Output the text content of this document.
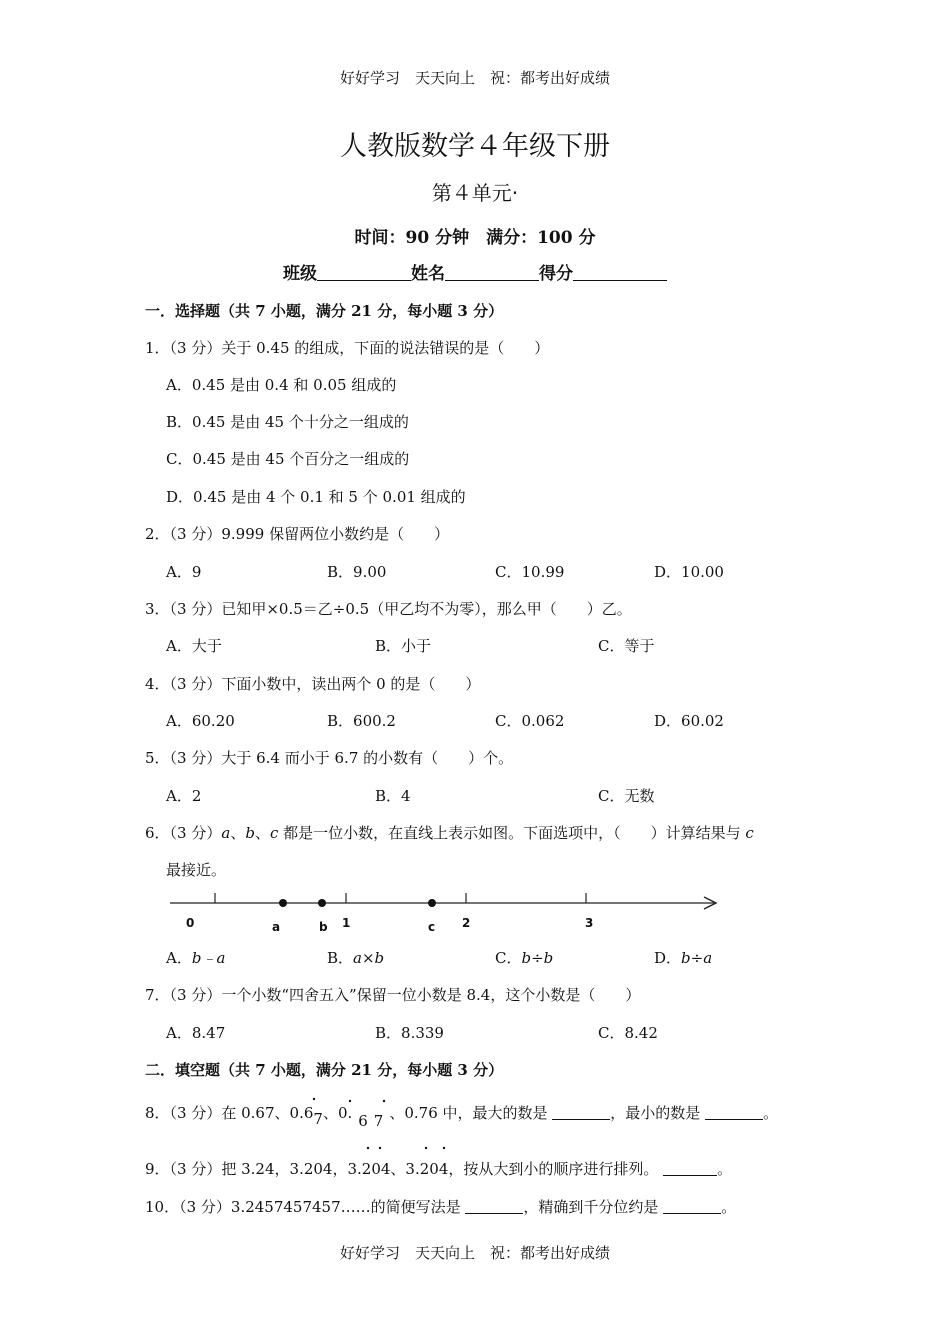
好好学习　天天向上　祝：都考出好成绩
人教版数学４年级下册
第４单元·
时间：90 分钟　满分：100 分
班级	姓名	得分
一．选择题（共 7 小题，满分 21 分，每小题 3 分）
1．（3 分）关于 0.45 的组成，下面的说法错误的是（　　）
A．0.45 是由 0.4 和 0.05 组成的
B．0.45 是由 45 个十分之一组成的
C．0.45 是由 45 个百分之一组成的
D．0.45 是由 4 个 0.1 和 5 个 0.01 组成的
2．（3 分）9.999 保留两位小数约是（　　）
A．9	B．9.00	C．10.99	D．10.00
3．（3 分）已知甲×0.5＝乙÷0.5（甲乙均不为零），那么甲（　　）乙。
A．大于	B．小于	C．等于
4．（3 分）下面小数中，读出两个 0 的是（　　）
A．60.20	B．600.2	C．0.062	D．60.02
5．（3 分）大于 6.4 而小于 6.7 的小数有（　　）个。
A．2	B．4	C．无数
6．（3 分）a、b、c 都是一位小数，在直线上表示如图。下面选项中，（　　）计算结果与 c
最接近。
0	1	2	3
a	b	c
A．b﹣a	B．a×b	C．b÷b	D．b÷a
7．（3 分）一个小数“四舍五入”保留一位小数是 8.4，这个小数是（　　）
A．8.47	B．8.339	C．8.42
二．填空题（共 7 小题，满分 21 分，每小题 3 分）
8．（3 分）在 0.67、0.67、0. 6 7 、0.76 中，最大的数是	，最小的数是	。
9．（3 分）把 3.24，3.204，3.204、3.204，按从大到小的顺序进行排列。	。
10．（3 分）3.2457457457……的简便写法是	，精确到千分位约是	。
好好学习　天天向上　祝：都考出好成绩
